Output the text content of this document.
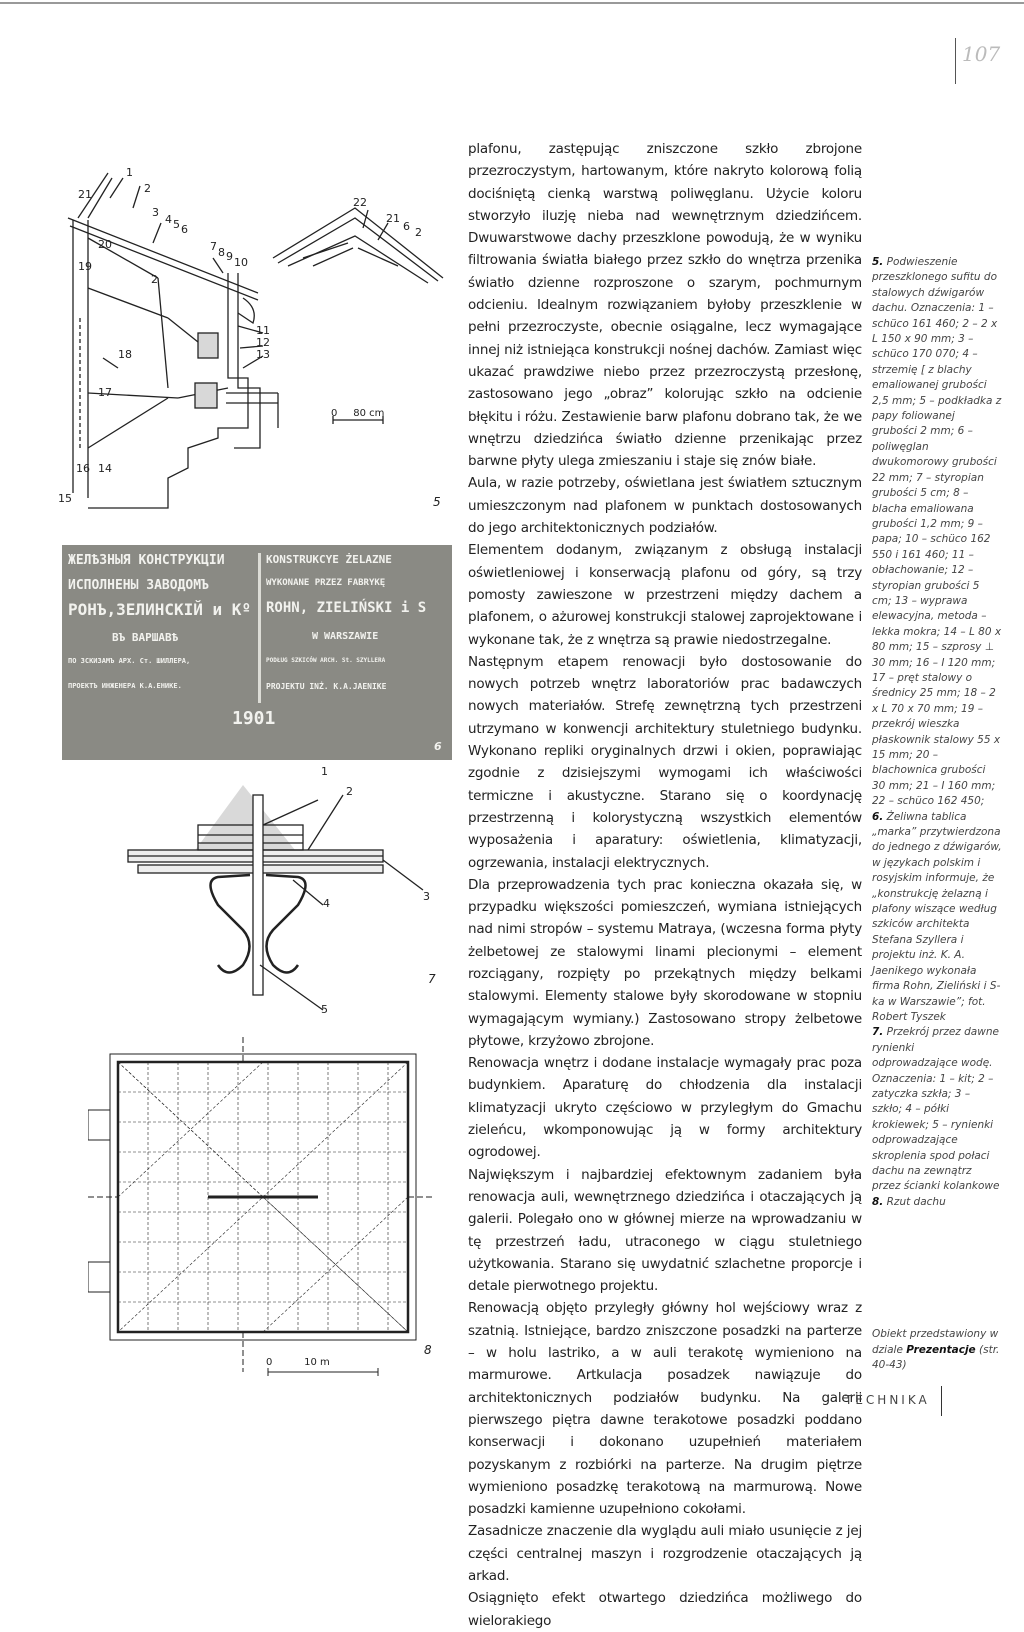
107
1
2
21
20
19
3
4 5 6
2
7 8 9 10
18
17
16 14
15
11
12
13
22
21
6 2
0     80 cm
5
ЖЕЛѢЗНЫЯ КОНСТРУКЦІИ
ИСПОЛНЕНЫ ЗАВОДОМЪ
РОНЪ,ЗЕЛИНСКІЙ и Кº
ВЪ ВАРШАВѢ
ПО ЗСКИЗАМЪ АРХ. Ст. ШИЛЛЕРА,
ПРОЕКТЪ ИНЖЕНЕРА К.А.ЕНИКЕ.
KONSTRUKCYE ŻELAZNE
WYKONANE PRZEZ FABRYKĘ
ROHN, ZIELIŃSKI i S
W WARSZAWIE
PODŁUG SZKICÓW ARCH. St. SZYLLERA
PROJEKTU INŻ. K.A.JAENIKE
1901
6
1
2
3
4
5
7
0          10 m
8

plafonu, zastępując zniszczone szkło zbrojone przezroczystym, hartowanym, które nakryto kolorową folią dociśniętą cienką warstwą poliwęglanu. Użycie koloru stworzyło iluzję nieba nad wewnętrznym dziedzińcem. Dwuwarstwowe dachy przeszklone powodują, że w wyniku filtrowania światła białego przez szkło do wnętrza przenika światło dzienne rozproszone o szarym, pochmurnym odcieniu. Idealnym rozwiązaniem byłoby przeszklenie w pełni przezroczyste, obecnie osiągalne, lecz wymagające innej niż istniejąca konstrukcji nośnej dachów. Zamiast więc ukazać prawdziwe niebo przez przezroczystą przesłonę, zastosowano jego „obraz” kolorując szkło na odcienie błękitu i różu. Zestawienie barw plafonu dobrano tak, że we wnętrzu dziedzińca światło dzienne przenikając przez barwne płyty ulega zmieszaniu i staje się znów białe.

Aula, w razie potrzeby, oświetlana jest światłem sztucznym umieszczonym nad plafonem w punktach dostosowanych do jego architektonicznych podziałów.

Elementem dodanym, związanym z obsługą instalacji oświetleniowej i konserwacją plafonu od góry, są trzy pomosty zawieszone w przestrzeni między dachem a plafonem, o ażurowej konstrukcji stalowej zaprojektowane i wykonane tak, że z wnętrza są prawie niedostrzegalne.

Następnym etapem renowacji było dostosowanie do nowych potrzeb wnętrz laboratoriów prac badawczych nowych materiałów. Strefę zewnętrzną tych przestrzeni utrzymano w konwencji architektury stuletniego budynku. Wykonano repliki oryginalnych drzwi i okien, poprawiając zgodnie z dzisiejszymi wymogami ich właściwości termiczne i akustyczne. Starano się o koordynację przestrzenną i kolorystyczną wszystkich elementów wyposażenia i aparatury: oświetlenia, klimatyzacji, ogrzewania, instalacji elektrycznych.

Dla przeprowadzenia tych prac konieczna okazała się, w przypadku większości pomieszczeń, wymiana istniejących nad nimi stropów – systemu Matraya, (wczesna forma płyty żelbetowej ze stalowymi linami plecionymi – element rozciągany, rozpięty po przekątnych między belkami stalowymi. Elementy stalowe były skorodowane w stopniu wymagającym wymiany.) Zastosowano stropy żelbetowe płytowe, krzyżowo zbrojone.

Renowacja wnętrz i dodane instalacje wymagały prac poza budynkiem. Aparaturę do chłodzenia dla instalacji klimatyzacji ukryto częściowo w przyległym do Gmachu zieleńcu, wkomponowując ją w formy architektury ogrodowej.

Największym i najbardziej efektownym zadaniem była renowacja auli, wewnętrznego dziedzińca i otaczających ją galerii. Polegało ono w głównej mierze na wprowadzaniu w tę przestrzeń ładu, utraconego w ciągu stuletniego użytkowania. Starano się uwydatnić szlachetne proporcje i detale pierwotnego projektu.

Renowacją objęto przyległy główny hol wejściowy wraz z szatnią. Istniejące, bardzo zniszczone posadzki na parterze – w holu lastriko, a w auli terakotę wymieniono na marmurowe. Artkulacja posadzek nawiązuje do architektonicznych podziałów budynku. Na galerii pierwszego piętra dawne terakotowe posadzki poddano konserwacji i dokonano uzupełnień materiałem pozyskanym z rozbiórki na parterze. Na drugim piętrze wymieniono posadzkę terakotową na marmurową. Nowe posadzki kamienne uzupełniono cokołami.

Zasadnicze znaczenie dla wyglądu auli miało usunięcie z jej części centralnej maszyn i rozgrodzenie otaczających ją arkad.

Osiągnięto efekt otwartego dziedzińca możliwego do wielorakiego

5. Podwieszenie przeszklonego sufitu do stalowych dźwigarów dachu. Oznaczenia: 1 – schüco 161 460; 2 – 2 x L 150 x 90 mm; 3 – schüco 170 070; 4 – strzemię [ z blachy emaliowanej grubości 2,5 mm; 5 – podkładka z papy foliowanej grubości 2 mm; 6 – poliwęglan dwukomorowy grubości 22 mm; 7 – styropian grubości 5 cm; 8 – blacha emaliowana grubości 1,2 mm; 9 – papa; 10 – schüco 162 550 i 161 460; 11 – obłachowanie; 12 – styropian grubości 5 cm; 13 – wyprawa elewacyjna, metoda – lekka mokra; 14 – L 80 x 80 mm; 15 – szprosy ⊥ 30 mm; 16 – I 120 mm; 17 – pręt stalowy o średnicy 25 mm; 18 – 2 x L 70 x 70 mm; 19 – przekrój wieszka płaskownik stalowy 55 x 15 mm; 20 – blachownica grubości 30 mm; 21 – I 160 mm; 22 – schüco 162 450;

6. Żeliwna tablica „marka” przytwierdzona do jednego z dźwigarów, w językach polskim i rosyjskim informuje, że „konstrukcję żelazną i plafony wiszące według szkiców architekta Stefana Szyllera i projektu inż. K. A. Jaenikego wykonała firma Rohn, Zieliński i S-ka w Warszawie”; fot. Robert Tyszek

7. Przekrój przez dawne rynienki odprowadzające wodę. Oznaczenia: 1 – kit; 2 – zatyczka szkła; 3 – szkło; 4 – półki krokiewek; 5 – rynienki odprowadzające skroplenia spod połaci dachu na zewnątrz przez ścianki kolankowe

8. Rzut dachu

Obiekt przedstawiony w dziale Prezentacje (str. 40-43)
TECHNIKA
